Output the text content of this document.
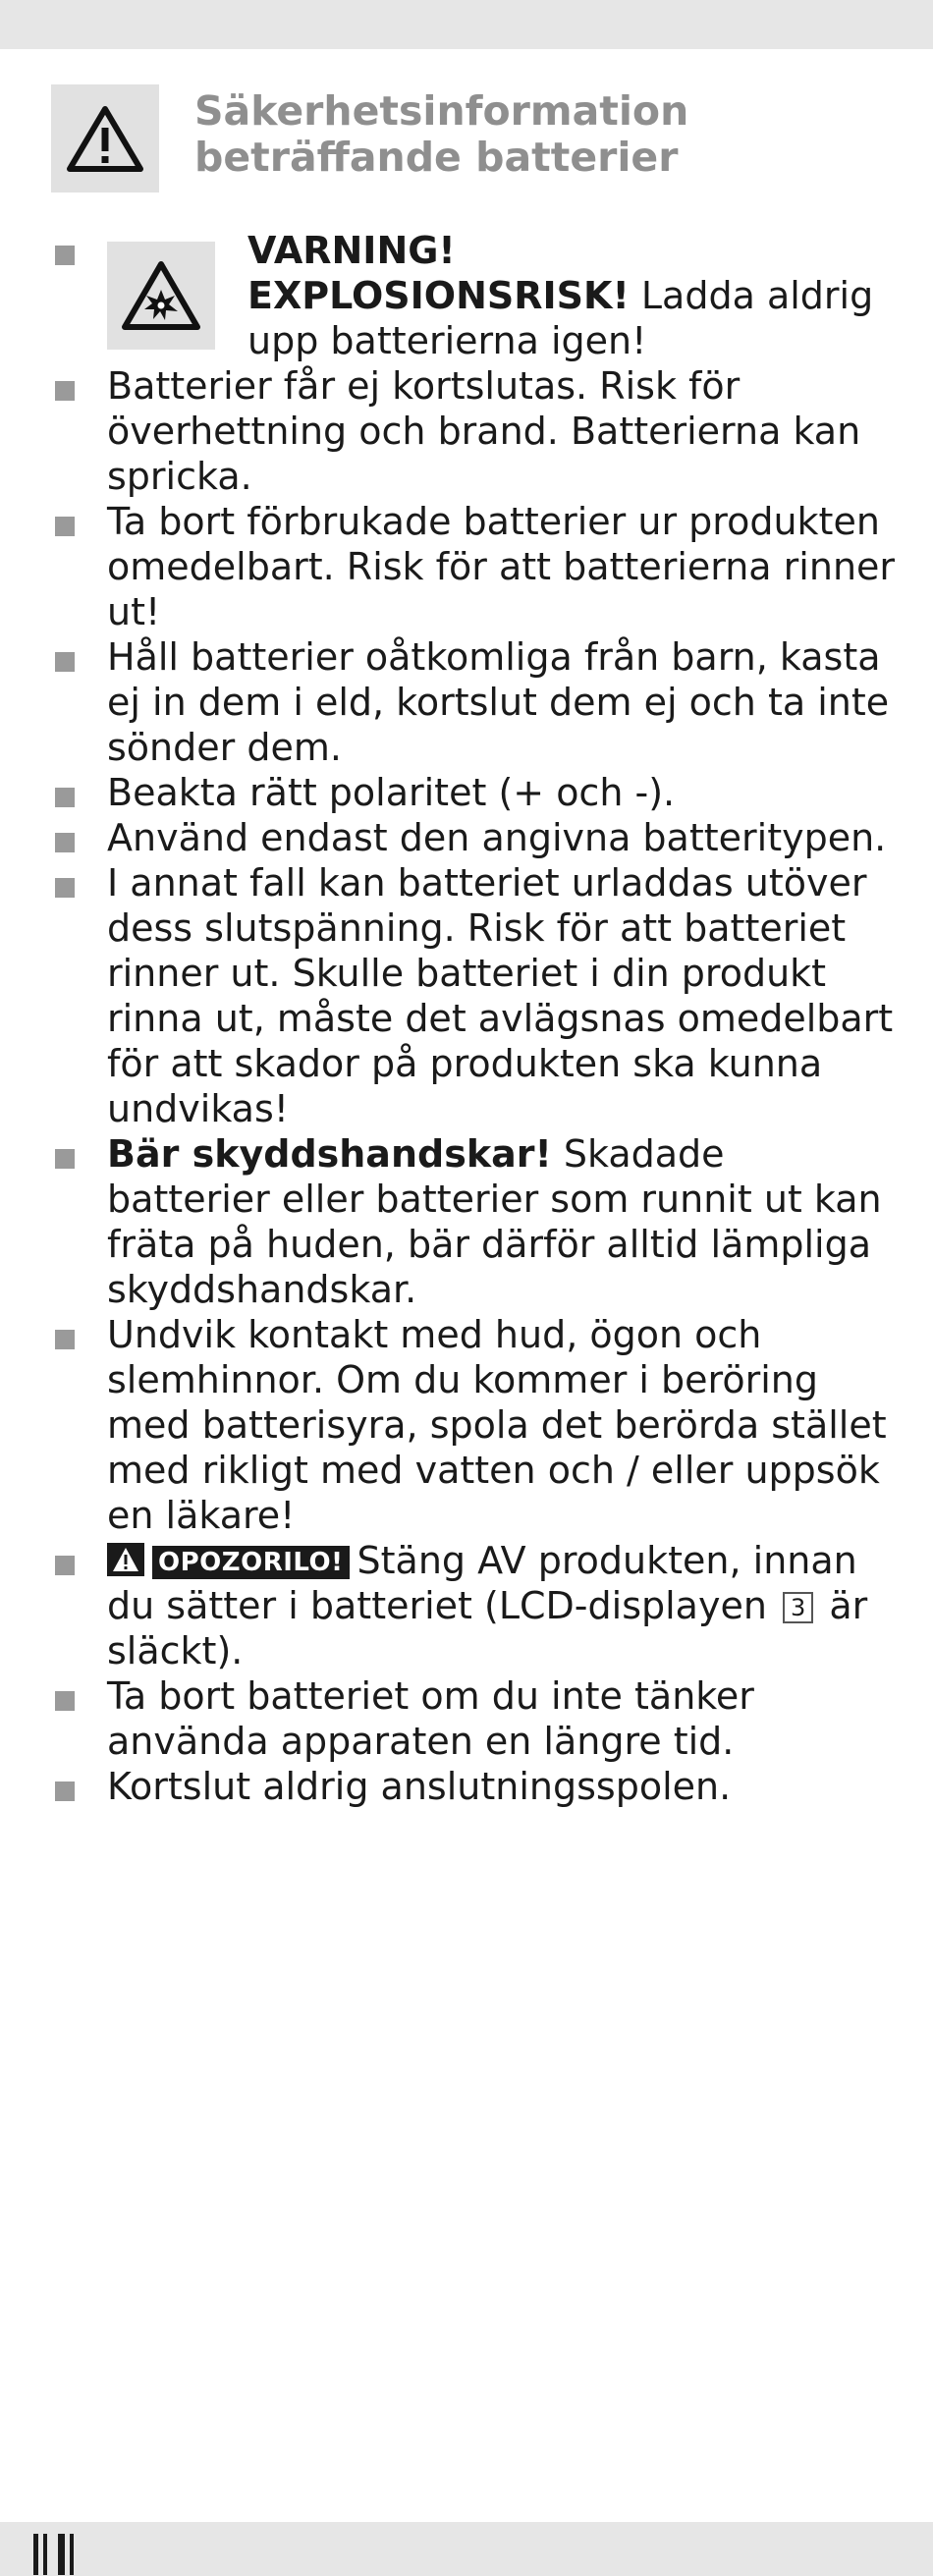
Säkerhetsinformation
beträffande batterier
VARNING!
EXPLOSIONSRISK! Ladda aldrig upp batterierna igen!
Batterier får ej kortslutas. Risk för överhettning och brand. Batterierna kan spricka.
Ta bort förbrukade batterier ur produkten omedelbart. Risk för att batterierna rinner ut!
Håll batterier oåtkomliga från barn, kasta ej in dem i eld, kortslut dem ej och ta inte sönder dem.
Beakta rätt polaritet (+ och -).
Använd endast den angivna batteritypen.
I annat fall kan batteriet urladdas utöver dess slutspänning. Risk för att batteriet rinner ut. Skulle batteriet i din produkt rinna ut, måste det avlägsnas omedelbart för att skador på produkten ska kunna undvikas!
Bär skyddshandskar! Skadade batterier eller batterier som runnit ut kan fräta på huden, bär därför alltid lämpliga skyddshandskar.
Undvik kontakt med hud, ögon och slemhinnor. Om du kommer i beröring med batterisyra, spola det berörda stället med rikligt med vatten och / eller uppsök en läkare!
OPOZORILO! Stäng AV produkten, innan du sätter i batteriet (LCD-displayen 3 är släckt).
Ta bort batteriet om du inte tänker använda apparaten en längre tid.
Kortslut aldrig anslutningsspolen.
